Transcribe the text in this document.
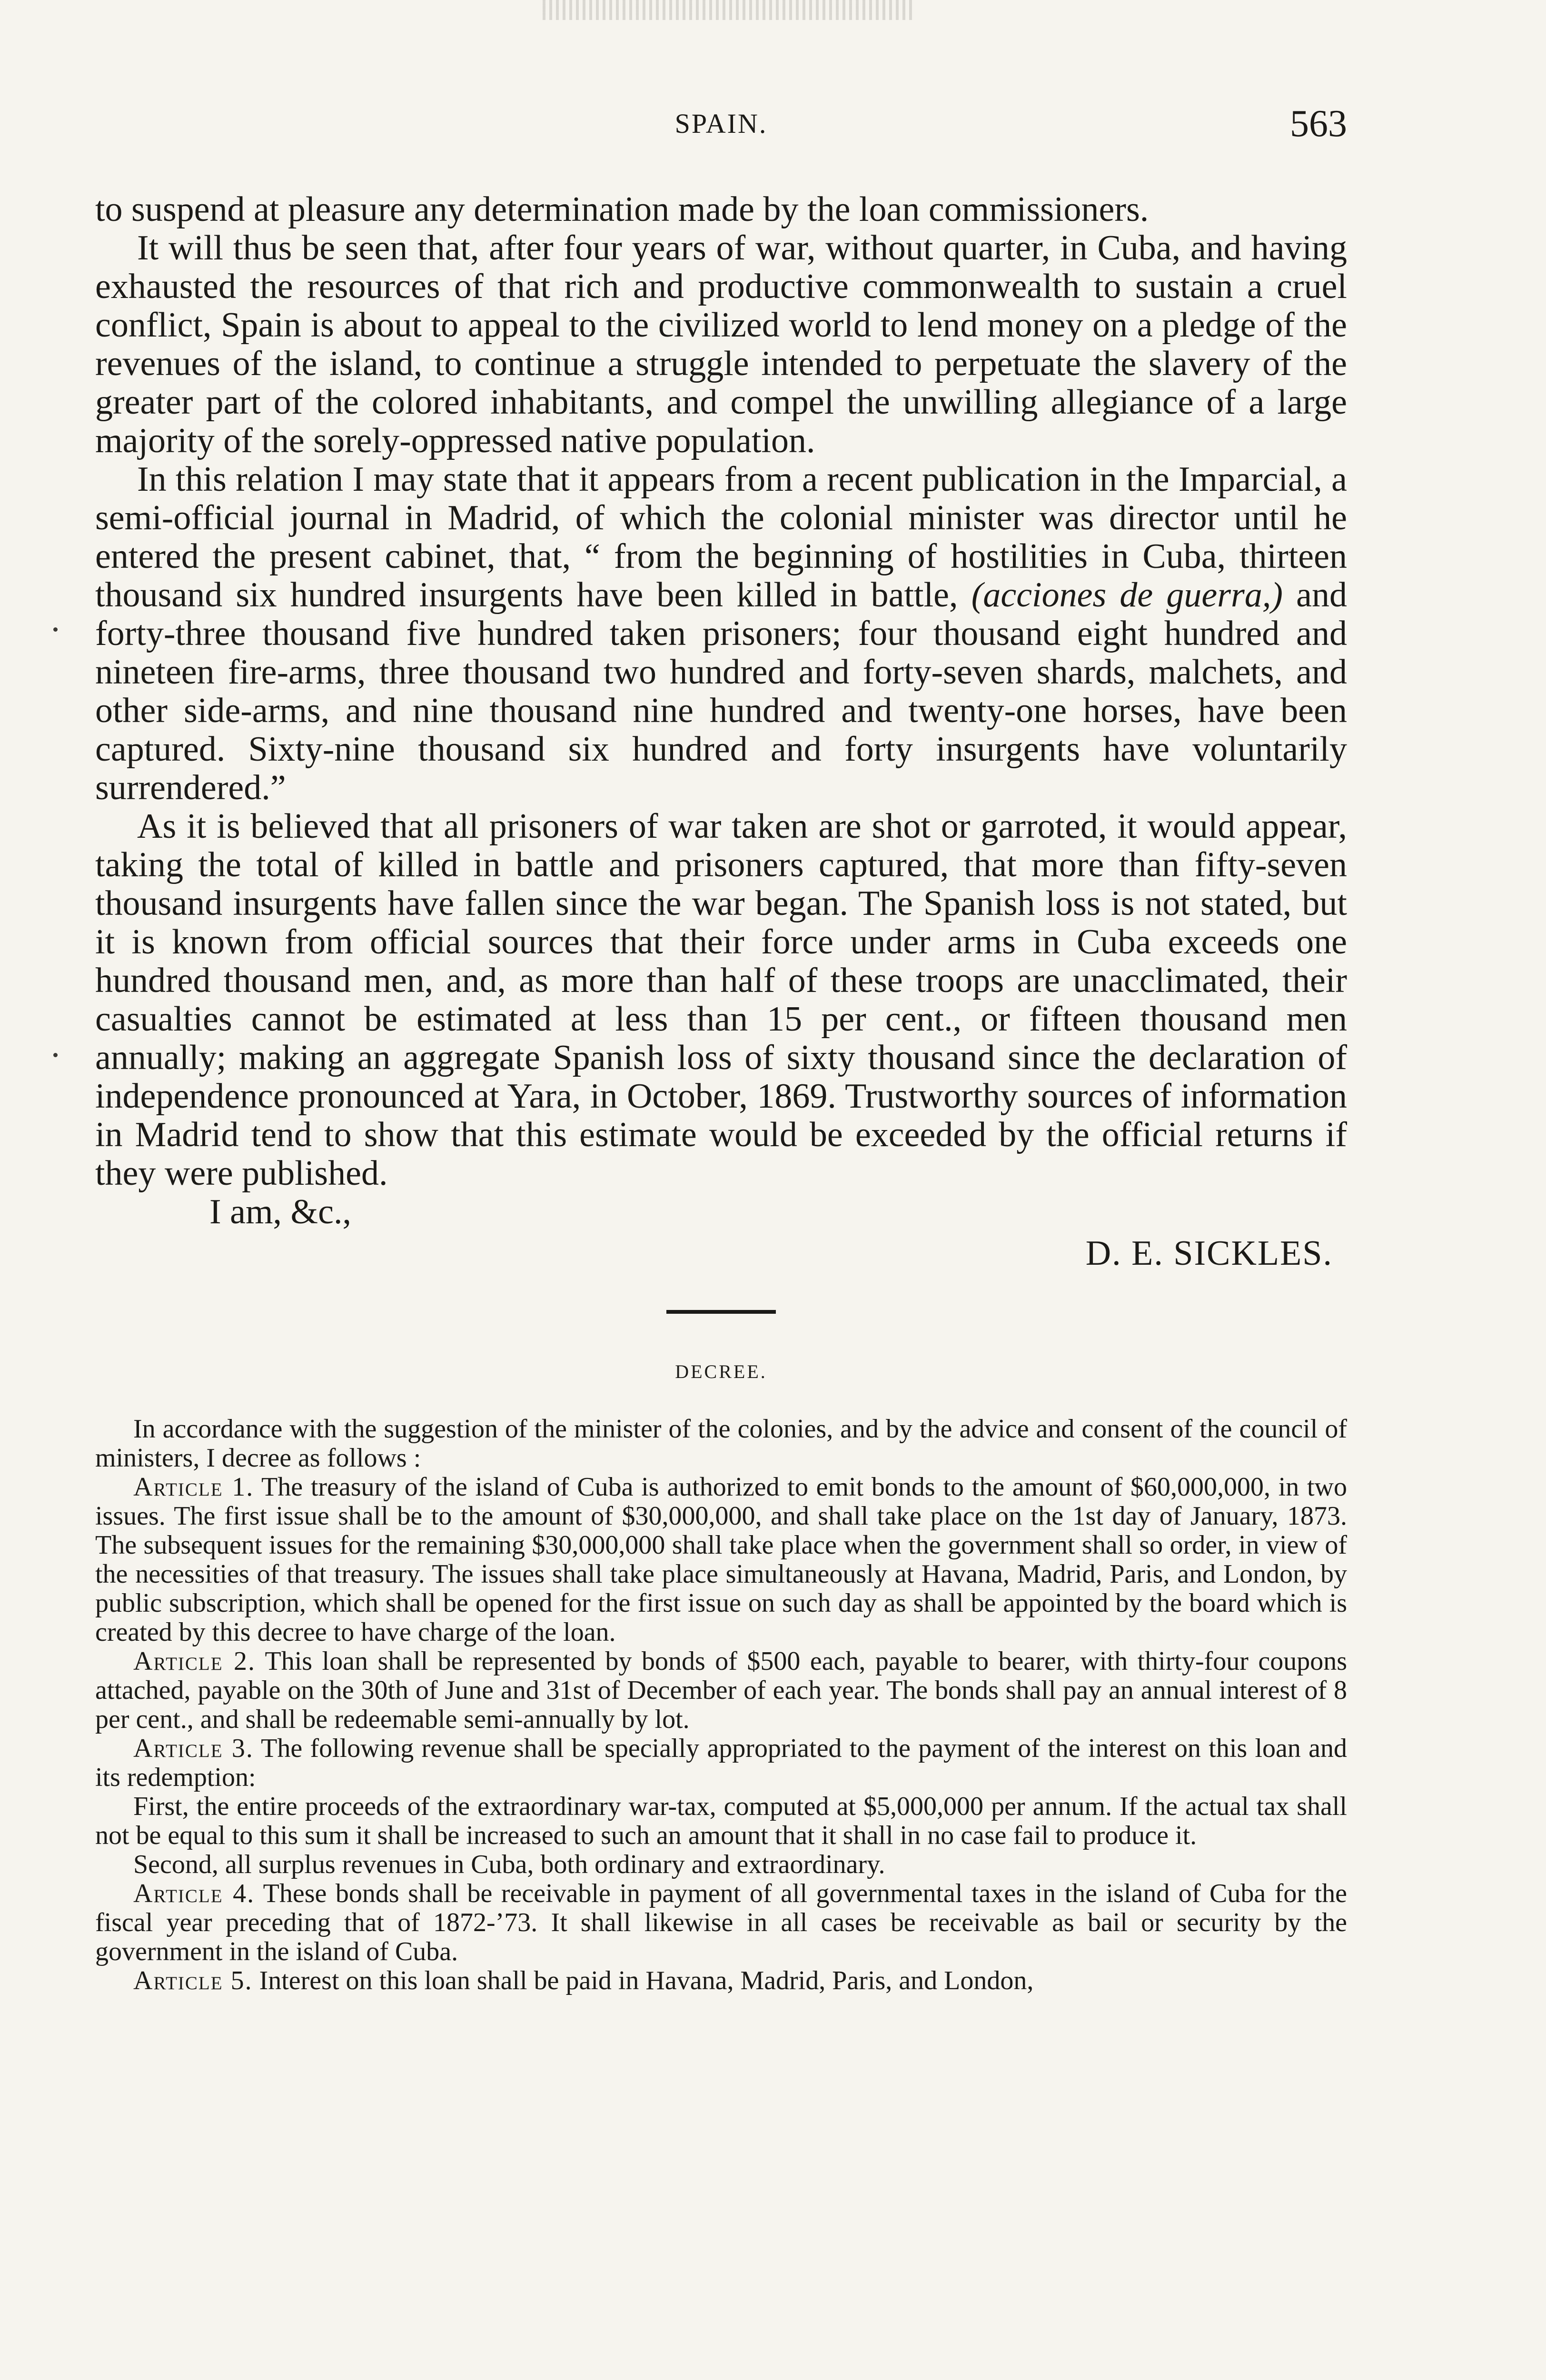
SPAIN.	563

to suspend at pleasure any determination made by the loan commissioners.

It will thus be seen that, after four years of war, without quarter, in Cuba, and having exhausted the resources of that rich and productive commonwealth to sustain a cruel conflict, Spain is about to appeal to the civilized world to lend money on a pledge of the revenues of the island, to continue a struggle intended to perpetuate the slavery of the greater part of the colored inhabitants, and compel the unwilling allegiance of a large majority of the sorely-oppressed native population.

In this relation I may state that it appears from a recent publication in the Imparcial, a semi-official journal in Madrid, of which the colonial minister was director until he entered the present cabinet, that, “ from the beginning of hostilities in Cuba, thirteen thousand six hundred insurgents have been killed in battle, (acciones de guerra,) and forty-three thousand five hundred taken prisoners; four thousand eight hundred and nineteen fire-arms, three thousand two hundred and forty-seven shards, malchets, and other side-arms, and nine thousand nine hundred and twenty-one horses, have been captured. Sixty-nine thousand six hundred and forty insurgents have voluntarily surrendered.”

As it is believed that all prisoners of war taken are shot or garroted, it would appear, taking the total of killed in battle and prisoners captured, that more than fifty-seven thousand insurgents have fallen since the war began. The Spanish loss is not stated, but it is known from official sources that their force under arms in Cuba exceeds one hundred thousand men, and, as more than half of these troops are unacclimated, their casualties cannot be estimated at less than 15 per cent., or fifteen thousand men annually; making an aggregate Spanish loss of sixty thousand since the declaration of independence pronounced at Yara, in October, 1869. Trustworthy sources of information in Madrid tend to show that this estimate would be exceeded by the official returns if they were published.

I am, &c.,
D. E. SICKLES.
DECREE.

In accordance with the suggestion of the minister of the colonies, and by the advice and consent of the council of ministers, I decree as follows :

Article 1. The treasury of the island of Cuba is authorized to emit bonds to the amount of $60,000,000, in two issues. The first issue shall be to the amount of $30,000,000, and shall take place on the 1st day of January, 1873. The subsequent issues for the remaining $30,000,000 shall take place when the government shall so order, in view of the necessities of that treasury. The issues shall take place simultaneously at Havana, Madrid, Paris, and London, by public subscription, which shall be opened for the first issue on such day as shall be appointed by the board which is created by this decree to have charge of the loan.

Article 2. This loan shall be represented by bonds of $500 each, payable to bearer, with thirty-four coupons attached, payable on the 30th of June and 31st of December of each year. The bonds shall pay an annual interest of 8 per cent., and shall be redeemable semi-annually by lot.

Article 3. The following revenue shall be specially appropriated to the payment of the interest on this loan and its redemption:

First, the entire proceeds of the extraordinary war-tax, computed at $5,000,000 per annum. If the actual tax shall not be equal to this sum it shall be increased to such an amount that it shall in no case fail to produce it.

Second, all surplus revenues in Cuba, both ordinary and extraordinary.

Article 4. These bonds shall be receivable in payment of all governmental taxes in the island of Cuba for the fiscal year preceding that of 1872-’73. It shall likewise in all cases be receivable as bail or security by the government in the island of Cuba.

Article 5. Interest on this loan shall be paid in Havana, Madrid, Paris, and London,
